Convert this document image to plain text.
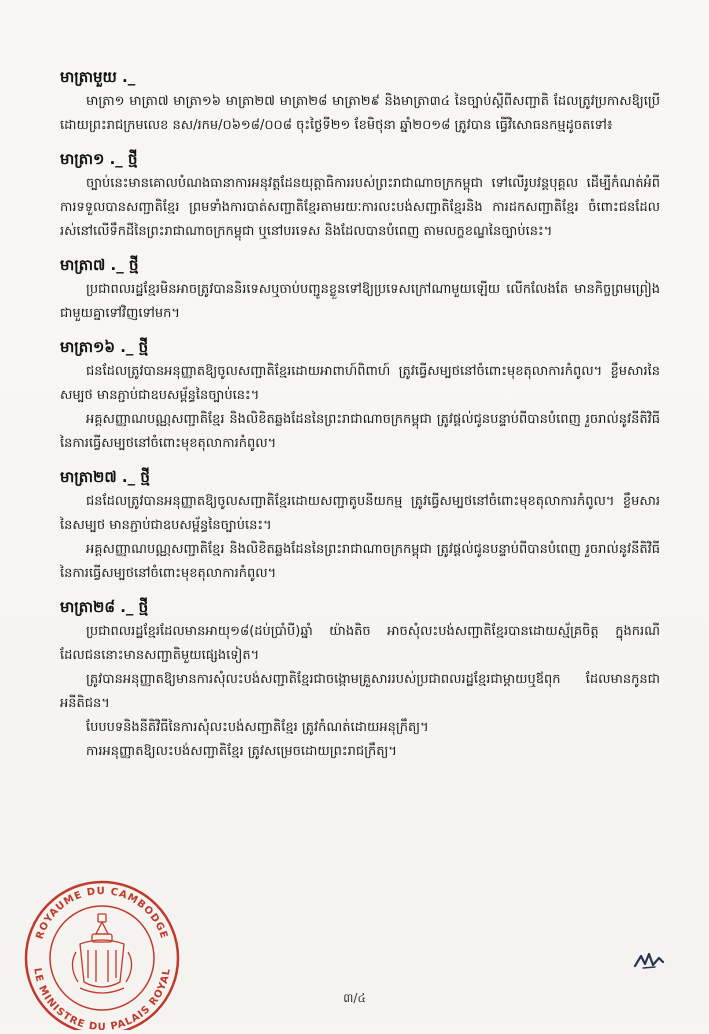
មាត្រាមួយ ._

មាត្រា១ មាត្រា៧ មាត្រា១៦ មាត្រា២៧ មាត្រា២៨ មាត្រា២៩ និងមាត្រា៣៤ នៃច្បាប់ស្តីពីសញ្ជាតិ ដែលត្រូវប្រកាសឱ្យប្រើដោយព្រះរាជក្រមលេខ នស/រកម/០៦១៨/០០៨ ចុះថ្ងៃទី២១ ខែមិថុនា ឆ្នាំ២០១៨ ត្រូវបាន ធ្វើវិសោធនកម្មដូចតទៅ៖

មាត្រា១ ._ ថ្មី

ច្បាប់នេះមានគោលបំណងធានាការអនុវត្តដែនយុត្តាធិការរបស់ព្រះរាជាណាចក្រកម្ពុជា ទៅលើរូបវន្តបុគ្គល ដើម្បីកំណត់អំពីការទទួលបានសញ្ជាតិខ្មែរ ព្រមទាំងការបាត់សញ្ជាតិខ្មែរតាមរយៈការលះបង់សញ្ជាតិខ្មែរនិង ការដកសញ្ជាតិខ្មែរ ចំពោះជនដែលរស់នៅលើទឹកដីនៃព្រះរាជាណាចក្រកម្ពុជា ឬនៅបរទេស និងដែលបានបំពេញ តាមលក្ខខណ្ឌនៃច្បាប់នេះ។

មាត្រា៧ ._ ថ្មី

ប្រជាពលរដ្ឋខ្មែរមិនអាចត្រូវបាននិរទេសឬចាប់បញ្ជូនខ្លួនទៅឱ្យប្រទេសក្រៅណាមួយឡើយ លើកលែងតែ មានកិច្ចព្រមព្រៀងជាមួយគ្នាទៅវិញទៅមក។

មាត្រា១៦ ._ ថ្មី

ជនដែលត្រូវបានអនុញ្ញាតឱ្យចូលសញ្ជាតិខ្មែរដោយអាពាហ៍ពិពាហ៍ ត្រូវធ្វើសម្បថនៅចំពោះមុខតុលាការកំពូល។ ខ្លឹមសារនៃសម្បថ មានភ្ជាប់ជាឧបសម្ព័ន្ធនៃច្បាប់នេះ។

អគ្គសញ្ញាណបណ្ណសញ្ជាតិខ្មែរ និងលិខិតឆ្លងដែននៃព្រះរាជាណាចក្រកម្ពុជា ត្រូវផ្តល់ជូនបន្ទាប់ពីបានបំពេញ រួចរាល់នូវនីតិវិធីនៃការធ្វើសម្បថនៅចំពោះមុខតុលាការកំពូល។

មាត្រា២៧ ._ ថ្មី

ជនដែលត្រូវបានអនុញ្ញាតឱ្យចូលសញ្ជាតិខ្មែរដោយសញ្ជាតូបនីយកម្ម ត្រូវធ្វើសម្បថនៅចំពោះមុខតុលាការកំពូល។ ខ្លឹមសារនៃសម្បថ មានភ្ជាប់ជាឧបសម្ព័ន្ធនៃច្បាប់នេះ។

អគ្គសញ្ញាណបណ្ណសញ្ជាតិខ្មែរ និងលិខិតឆ្លងដែននៃព្រះរាជាណាចក្រកម្ពុជា ត្រូវផ្តល់ជូនបន្ទាប់ពីបានបំពេញ រួចរាល់នូវនីតិវិធីនៃការធ្វើសម្បថនៅចំពោះមុខតុលាការកំពូល។

មាត្រា២៨ ._ ថ្មី

ប្រជាពលរដ្ឋខ្មែរដែលមានអាយុ១៨(ដប់ប្រាំបី)ឆ្នាំ យ៉ាងតិច អាចសុំលះបង់សញ្ជាតិខ្មែរបានដោយស្ម័គ្រចិត្ត ក្នុងករណីដែលជននោះមានសញ្ជាតិមួយផ្សេងទៀត។

ត្រូវបានអនុញ្ញាតឱ្យមានការសុំលះបង់សញ្ជាតិខ្មែរជាចង្កោមគ្រួសាររបស់ប្រជាពលរដ្ឋខ្មែរជាម្តាយឬឪពុក ដែលមានកូនជាអនីតិជន។

បែបបទនិងនីតិវិធីនៃការសុំលះបង់សញ្ជាតិខ្មែរ ត្រូវកំណត់ដោយអនុក្រឹត្យ។

ការអនុញ្ញាតឱ្យលះបង់សញ្ជាតិខ្មែរ ត្រូវសម្រេចដោយព្រះរាជក្រឹត្យ។

ROYAUME DU CAMBODGE
LE MINISTRE DU PALAIS ROYAL
៣/៤
